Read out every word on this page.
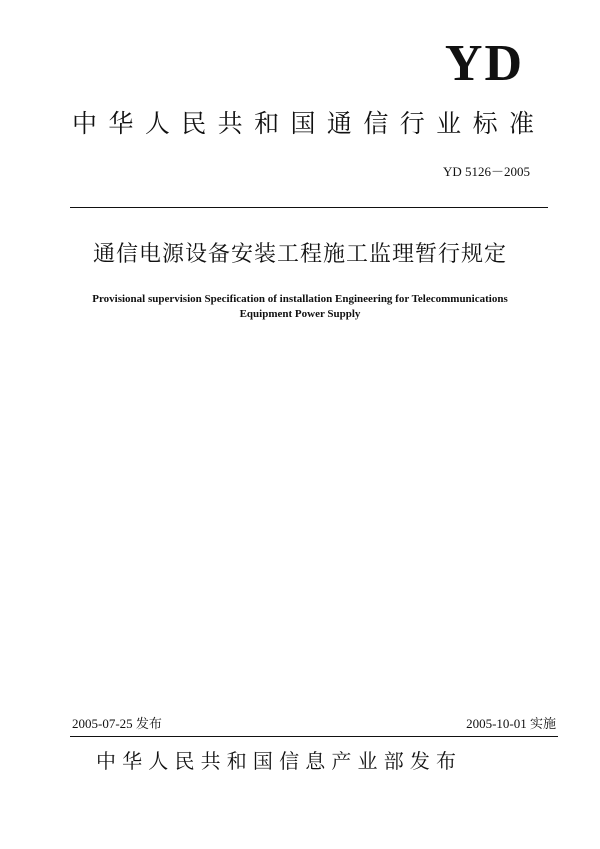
YD
中华人民共和国通信行业标准
YD 5126－2005
通信电源设备安装工程施工监理暂行规定
Provisional supervision Specification of installation Engineering for Telecommunications
Equipment Power Supply
2005-07-25 发布	2005-10-01 实施
中华人民共和国信息产业部发布
